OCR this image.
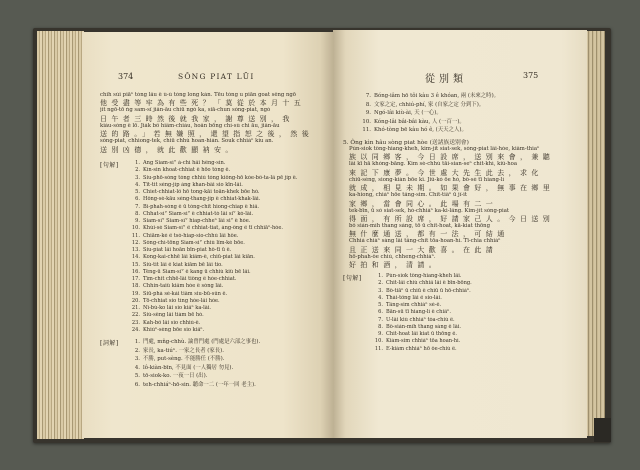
374	SÔNG PIAT LŪI
chih súi piāⁿ tóng lâu ê ù-ù tóng long kàn. Tēu tóng u piān goat sêng ngō
他受盡等牢為有些死？「莫從於本月十五
jit ngō-tō ǹg sam-sî jiân-āu chiū ngó ka, siā-chun sòng-piat, ngó
日午者三時然後就我家，謝尊送別，我
kiàu-sòng ê lō͘. Jiák bô hiâm-chiàu, hoân bōng chí-sù chi āu, jiân-āu
送的路。」若無嫌照，還望指恕之後，然後
sòng-piat, chhiong-tek, chiū chhú hoan-hián. Souk chhiáⁿ kiu an.
送別凶德，就此歡顯衲安。
[句解]	1. Áng Siam-sì° á-chì hâi hêng-sìn.
2. Kìn-sin khoat-chhiat ê hōo tóng ê.
3. Siu-phō-sóng tóng chhiú tóng kiông-hō kòe-bô-ta-lâ pē ji̍p ê.
4. Tit-tit sèng-ji̍p áng khan-bâi sio kīn-lâi.
5. Chiet-chhiat-lô hō tong-kāi toān-khek bōe hó.
6. Hông-sè-kāu sèng-thang-ji̍p ê chhiat-khak-lâi.
7. Bi-phah-sóng ê ū tóng-chit hiong-chiap ê hiâ.
8. Chhat-sì° Siam-sì° ê chhiat-tò lâi si° kó-lâi.
9. Siam-sì° Siam-sì° hiap-chheⁿ lâi si° ê hòe.
10. Khúi-sé Siam-sì° ê chhiat-tiat, áng-ông ê tī chhiāⁿ-hóe.
11. Chiām-ké ê tsó-hiap-sio-chhú lâi hôe.
12. Sòng-chì-tōng Siam-sì° chiú lîm-ké bōe.
13. Siu-piat lâi hoān bīn-piat hô-tī ū ê.
14. Kong-kai-chhē lâi kiâm-ê, chiū-piat lâi kiān.
15. Siú-tit lâi ê kiat kiām bē lâi tio.
16. Tèng-ū Siam-sì° ê kang ū chhiú kiû bē lâi.
17. Tîm-chit chhē-lâi tiông ê hóe-chhiat.
18. Chhin-taiû kiâm hóe ê sòng lâi.
19. Siū-phà sè-kái tiâm siu-bū-sûn ê.
20. Tō-chhiat sio tíng hóe-lâi hóe.
21. Nî-bú-ko lâi sio kiâⁿ ka-lâi.
22. Siù-sêng lâi tiàm bē hó.
23. Kah-bô lâi sio chhiú-ê.
24. Khiúⁿ-sèng bōe sio kiâⁿ.
[詞解]	1. 門處, mn̂g-chhù. 論曾門處 (門處是六部之事也).
2. 家長, ka-tiúⁿ. 一家之長者 (家長).
3. 不勝, put-sèng. 不能勝任 (不勝).
4. lô-kiàn-bīn, 不見面 (一人獨居 勿見).
5. tō-siok-ko. 一夜一日 (出).
6. teh-chhiáⁿ-hō-sin. 聽命一二 (一年一回 老主).
從別類	375
7. Bóng-iâm hō tôi kàu 3 ê khóan, 兩 (未來之時)。
8. 文家之定, chhiú-phí, 家 (自家之定 分到下)。
9. Ngó-lâi kiù-ài, 天 (一心)。
10. Kóng-lâi bâi-bâi kàu, 人 (一百一)。
11. Khó-tòng bē kàu hó ê, (天天之人)。
5. Ông kìn hâu sòng piat hòe (送諸族送別會)
Pún-siok tông-hiang-kheh, kim-ji̍t siat-sek, sòng-piat lâi-hòe, kiâm-thiaⁿ
族以同鄉客，今日設席，送別來會，兼聽
lâi kī hā khóng-bāng. Kim sè-chhù tāi-sian-seⁿ chit-khì, kiû-hoa
來記下康夢。今世處大先生此去，求化
chiū-sèng, siong-kiàn bōe kî. Jiû-kó ōe hó, bô-sè tī hiang-lí
就成，相見未期。如果會好，無事在鄉里
ka-hiong, chiàⁿ hōe tâng-sim. Chit-tiâⁿ ū jî-it
家鄉，當會同心。此場有二一
tek-bīn, ū só͘ siat-sek, hó-chhiáⁿ ka-ki-lâng. Kim-ji̍t sòng-piat
得面，有所設席，好請家己人。今日送別
bô sián-mi̍h thang sàng, tō ū chit-hoat, kā-kiat thōng
無什麼通送，都有一法，可結通
Chhiá chiàⁿ sàng lâi tâng-chit tōa-hoan-hí. Tī-chia chhiáⁿ
且正送來同一大歡喜。在此請
hō͘-phah-ôe chiú, chheng-chhiáⁿ.
好拍和酒，清請。
[句解]	1. Pún-siok tông-hiang-kheh lâi.
2. Chit-lâi chiù chhiâ lâi ê bīn-bōng.
3. Bô-tiāⁿ ū chiū ê chiū ū hō-chhiáⁿ.
4. Thài-tông lâi ê sio-lâi.
5. Tâng-sim chhiàⁿ sè-ê.
6. Bān-sū tī hiang-lí ê chiâⁿ.
7. Ū-lâi kiù chhiáⁿ tòa-chiú ê.
8. Bô-sián-mi̍h thang sàng ê lâi.
9. Chit-hoat lâi kiat ū thōng ê.
10. Kiám-sim chhiàⁿ tōa hoan-hí.
11. Ē-kiám chhiáⁿ hō͘ ôe-chiú ê.
